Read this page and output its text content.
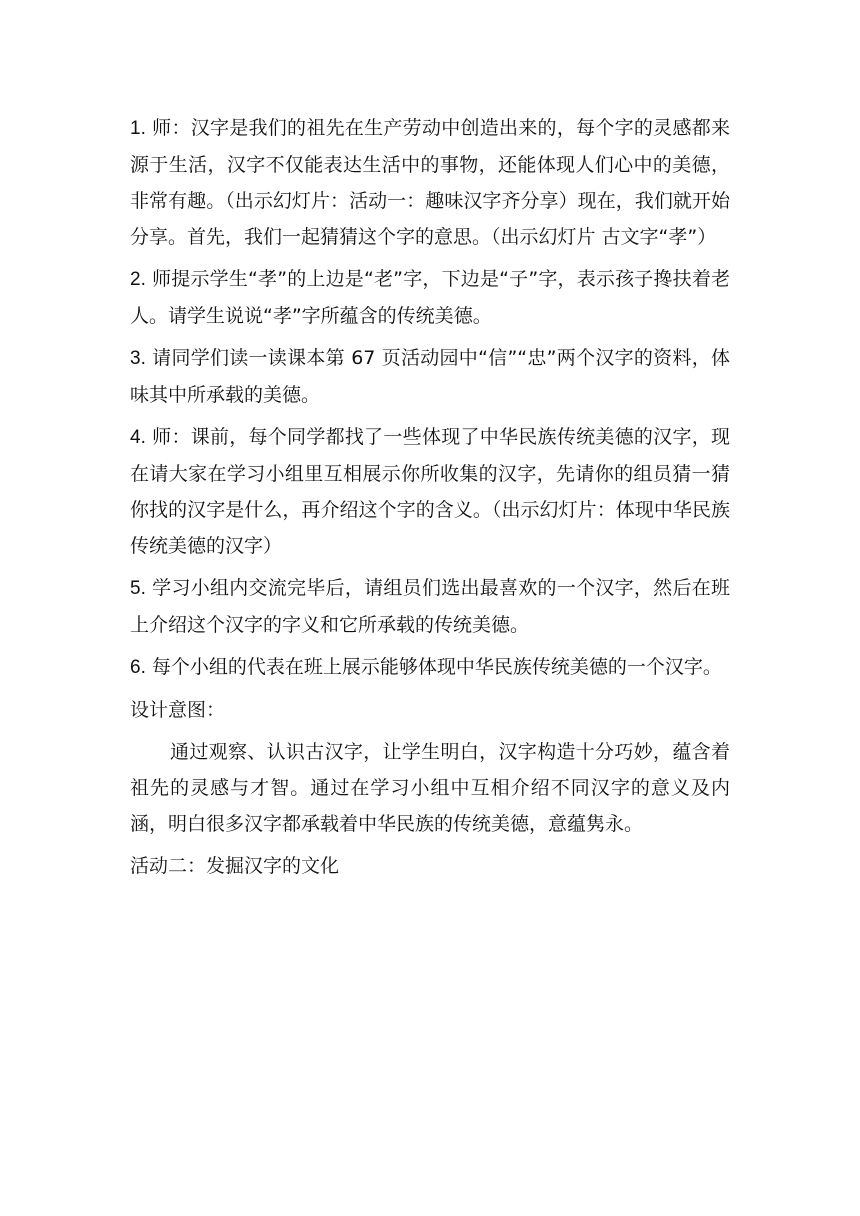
1. 师：汉字是我们的祖先在生产劳动中创造出来的，每个字的灵感都来源于生活，汉字不仅能表达生活中的事物，还能体现人们心中的美德，非常有趣。（出示幻灯片：活动一：趣味汉字齐分享）现在，我们就开始分享。首先，我们一起猜猜这个字的意思。（出示幻灯片 古文字“孝”）

2. 师提示学生“孝”的上边是“老”字，下边是“子”字，表示孩子搀扶着老人。请学生说说“孝”字所蕴含的传统美德。

3. 请同学们读一读课本第 67 页活动园中“信”“忠”两个汉字的资料，体味其中所承载的美德。

4. 师：课前，每个同学都找了一些体现了中华民族传统美德的汉字，现在请大家在学习小组里互相展示你所收集的汉字，先请你的组员猜一猜你找的汉字是什么，再介绍这个字的含义。（出示幻灯片：体现中华民族传统美德的汉字）

5. 学习小组内交流完毕后，请组员们选出最喜欢的一个汉字，然后在班上介绍这个汉字的字义和它所承载的传统美德。

6. 每个小组的代表在班上展示能够体现中华民族传统美德的一个汉字。

设计意图：

通过观察、认识古汉字，让学生明白，汉字构造十分巧妙，蕴含着祖先的灵感与才智。通过在学习小组中互相介绍不同汉字的意义及内涵，明白很多汉字都承载着中华民族的传统美德，意蕴隽永。

活动二：发掘汉字的文化
